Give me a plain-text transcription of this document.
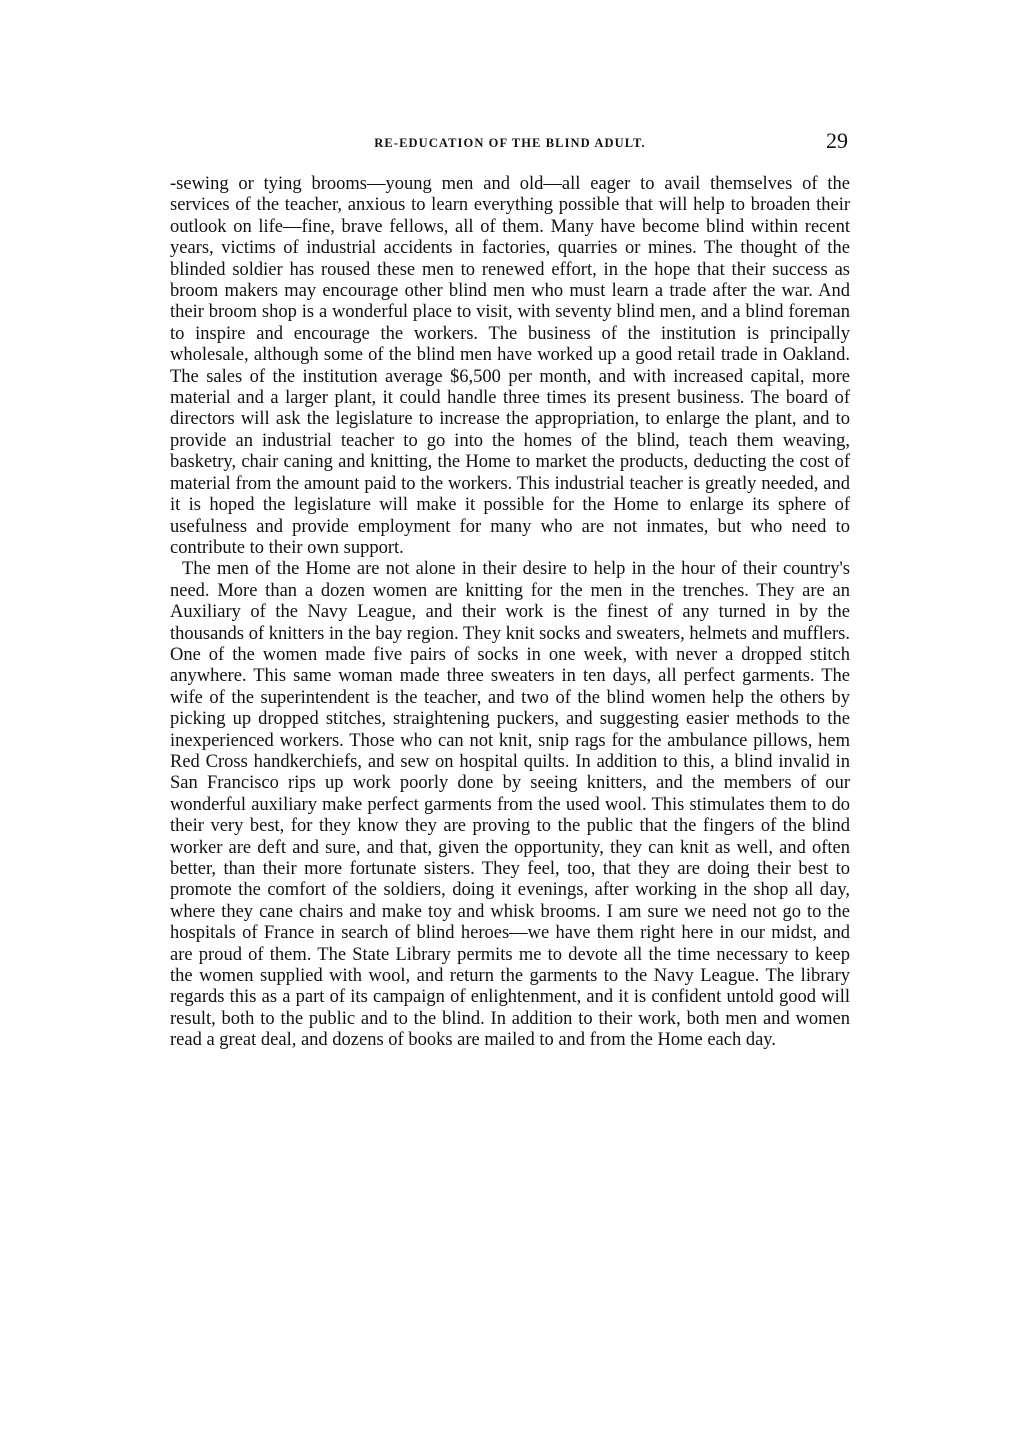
RE-EDUCATION OF THE BLIND ADULT.	29

-sewing or tying brooms—young men and old—all eager to avail themselves of the services of the teacher, anxious to learn everything possible that will help to broaden their outlook on life—fine, brave fellows, all of them. Many have become blind within recent years, victims of industrial accidents in factories, quarries or mines. The thought of the blinded soldier has roused these men to renewed effort, in the hope that their success as broom makers may encourage other blind men who must learn a trade after the war. And their broom shop is a wonderful place to visit, with seventy blind men, and a blind foreman to inspire and encourage the workers. The business of the institution is principally wholesale, although some of the blind men have worked up a good retail trade in Oakland. The sales of the institution average $6,500 per month, and with increased capital, more material and a larger plant, it could handle three times its present business. The board of directors will ask the legislature to increase the appropriation, to enlarge the plant, and to provide an industrial teacher to go into the homes of the blind, teach them weaving, basketry, chair caning and knitting, the Home to market the products, deducting the cost of material from the amount paid to the workers. This industrial teacher is greatly needed, and it is hoped the legislature will make it possible for the Home to enlarge its sphere of usefulness and provide employment for many who are not inmates, but who need to contribute to their own support.

The men of the Home are not alone in their desire to help in the hour of their country's need. More than a dozen women are knitting for the men in the trenches. They are an Auxiliary of the Navy League, and their work is the finest of any turned in by the thousands of knitters in the bay region. They knit socks and sweaters, helmets and mufflers. One of the women made five pairs of socks in one week, with never a dropped stitch anywhere. This same woman made three sweaters in ten days, all perfect garments. The wife of the superintendent is the teacher, and two of the blind women help the others by picking up dropped stitches, straightening puckers, and suggesting easier methods to the inexperienced workers. Those who can not knit, snip rags for the ambulance pillows, hem Red Cross handkerchiefs, and sew on hospital quilts. In addition to this, a blind invalid in San Francisco rips up work poorly done by seeing knitters, and the members of our wonderful auxiliary make perfect garments from the used wool. This stimulates them to do their very best, for they know they are proving to the public that the fingers of the blind worker are deft and sure, and that, given the opportunity, they can knit as well, and often better, than their more fortunate sisters. They feel, too, that they are doing their best to promote the comfort of the soldiers, doing it evenings, after working in the shop all day, where they cane chairs and make toy and whisk brooms. I am sure we need not go to the hospitals of France in search of blind heroes—we have them right here in our midst, and are proud of them. The State Library permits me to devote all the time necessary to keep the women supplied with wool, and return the garments to the Navy League. The library regards this as a part of its campaign of enlightenment, and it is confident untold good will result, both to the public and to the blind. In addition to their work, both men and women read a great deal, and dozens of books are mailed to and from the Home each day.
